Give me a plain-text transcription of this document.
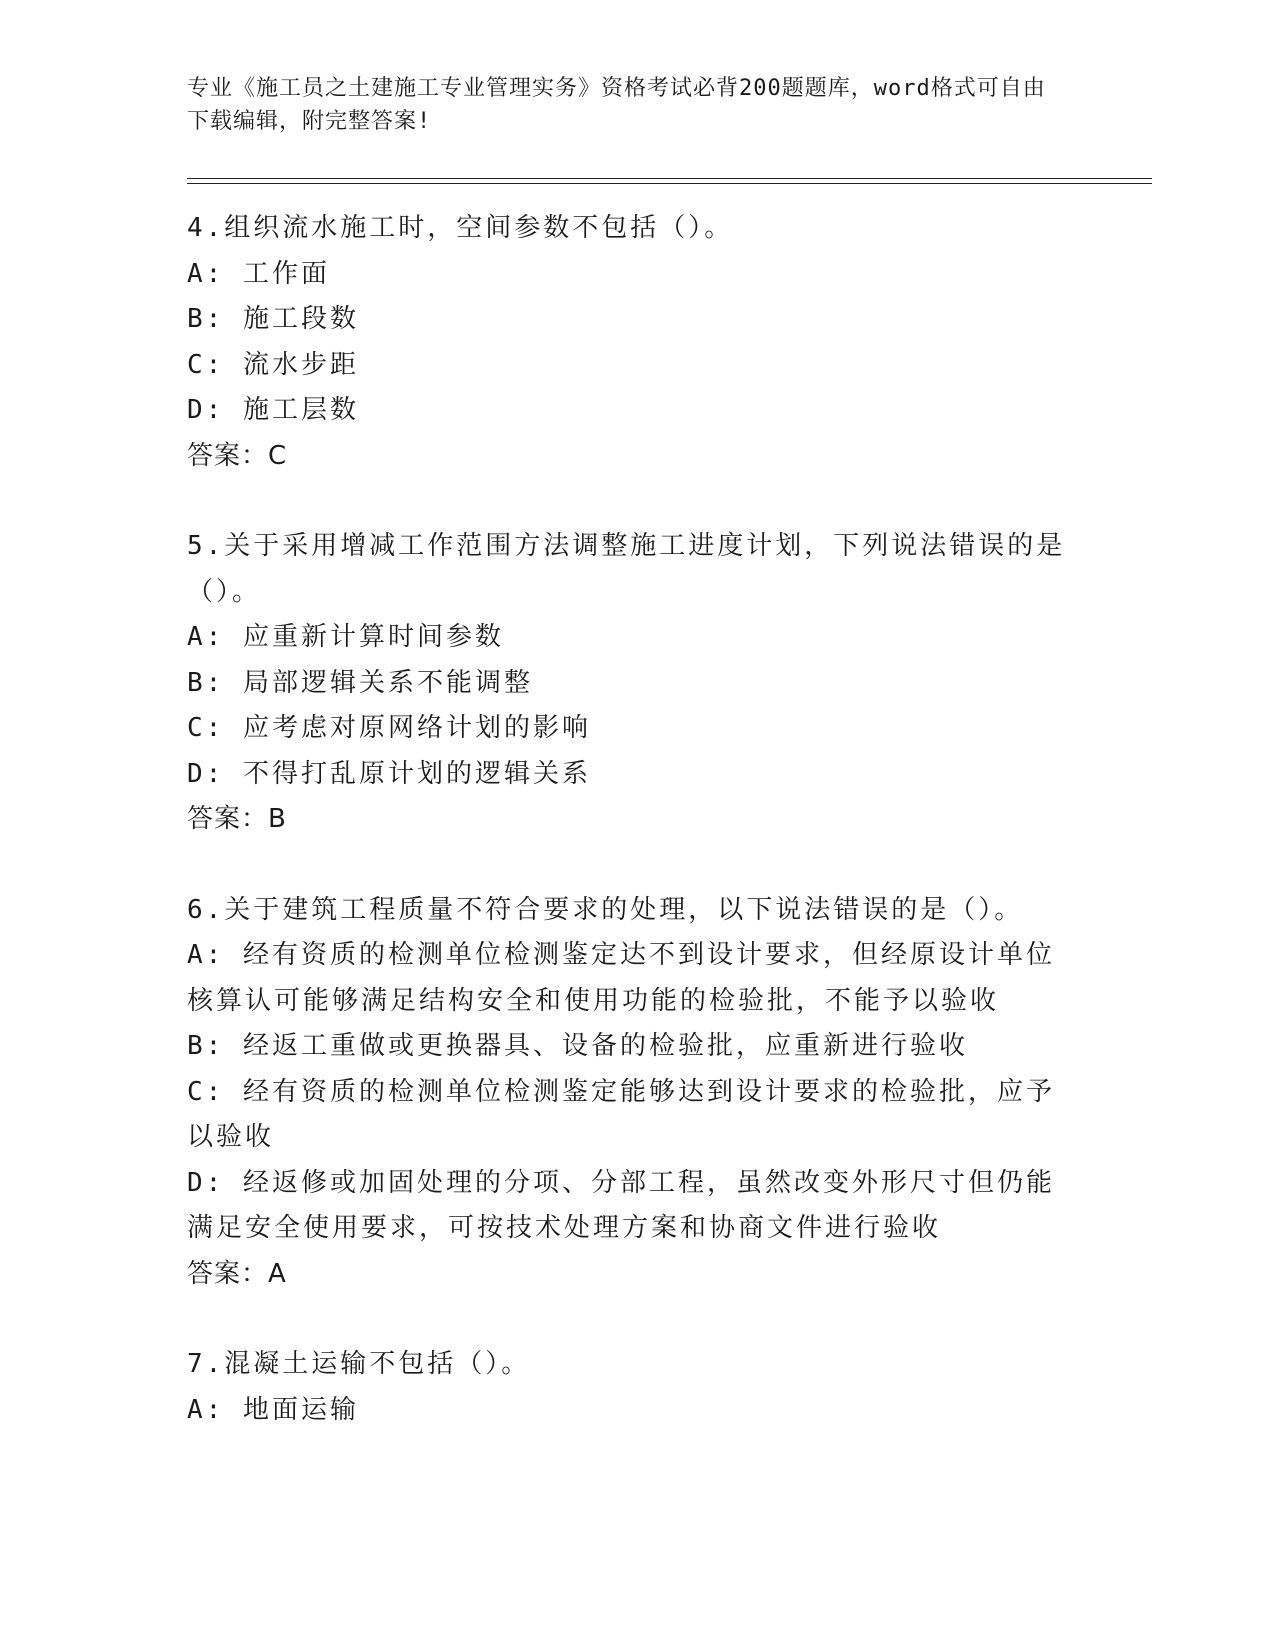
专业《施工员之土建施工专业管理实务》资格考试必背200题题库，word格式可自由下载编辑，附完整答案!

4.组织流水施工时，空间参数不包括（）。

A: 工作面

B: 施工段数

C: 流水步距

D: 施工层数

答案：C

5.关于采用增减工作范围方法调整施工进度计划，下列说法错误的是（）。

A: 应重新计算时间参数

B: 局部逻辑关系不能调整

C: 应考虑对原网络计划的影响

D: 不得打乱原计划的逻辑关系

答案：B

6.关于建筑工程质量不符合要求的处理，以下说法错误的是（）。

A: 经有资质的检测单位检测鉴定达不到设计要求，但经原设计单位核算认可能够满足结构安全和使用功能的检验批，不能予以验收

B: 经返工重做或更换器具、设备的检验批，应重新进行验收

C: 经有资质的检测单位检测鉴定能够达到设计要求的检验批，应予以验收

D: 经返修或加固处理的分项、分部工程，虽然改变外形尺寸但仍能满足安全使用要求，可按技术处理方案和协商文件进行验收

答案：A

7.混凝土运输不包括（）。

A: 地面运输
